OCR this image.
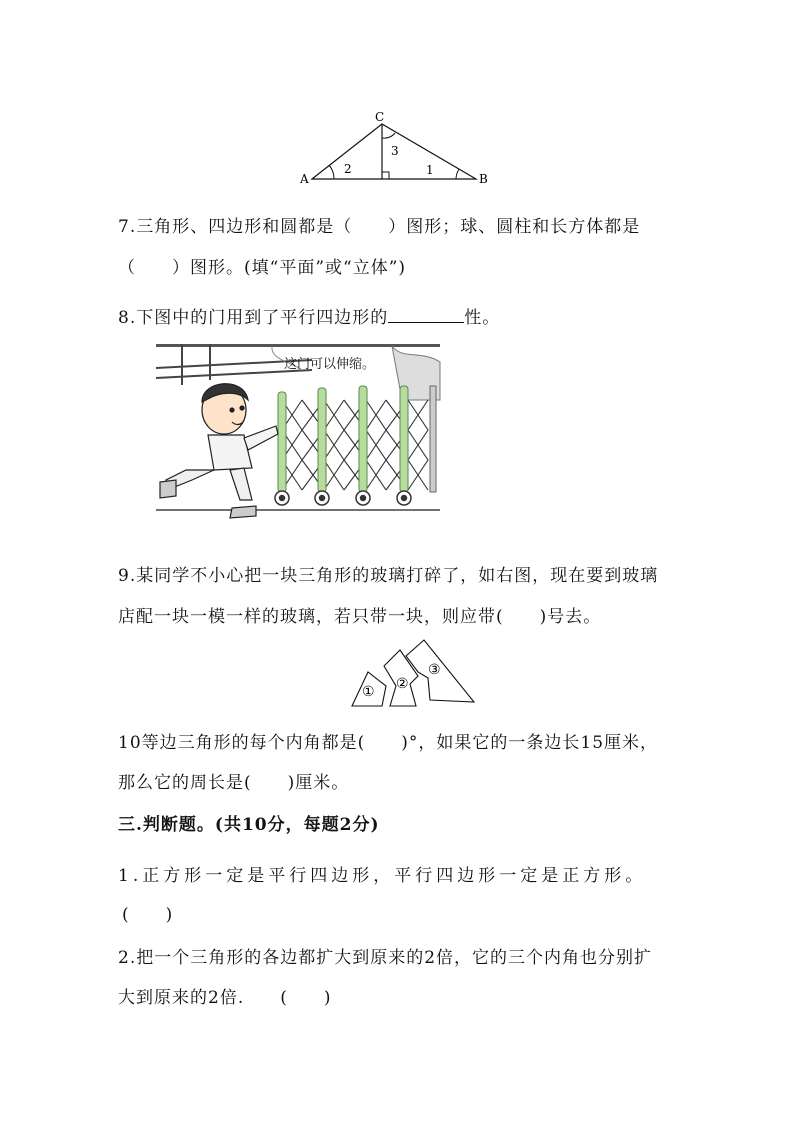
A	B
C
1
2
3
7.三角形、四边形和圆都是（　　）图形；球、圆柱和长方体都是
（　　）图形。(填“平面”或“立体”)
8.下图中的门用到了平行四边形的	性。
这门可以伸缩。
9.某同学不小心把一块三角形的玻璃打碎了，如右图，现在要到玻璃
店配一块一模一样的玻璃，若只带一块，则应带(　　)号去。
① ②
③
10等边三角形的每个内角都是(　　)°，如果它的一条边长15厘米，
那么它的周长是(　　)厘米。
三.判断题。(共10分，每题2分)
1.正方形一定是平行四边形，平行四边形一定是正方形。
(　　)
2.把一个三角形的各边都扩大到原来的2倍，它的三个内角也分别扩
大到原来的2倍.　　(　　)
